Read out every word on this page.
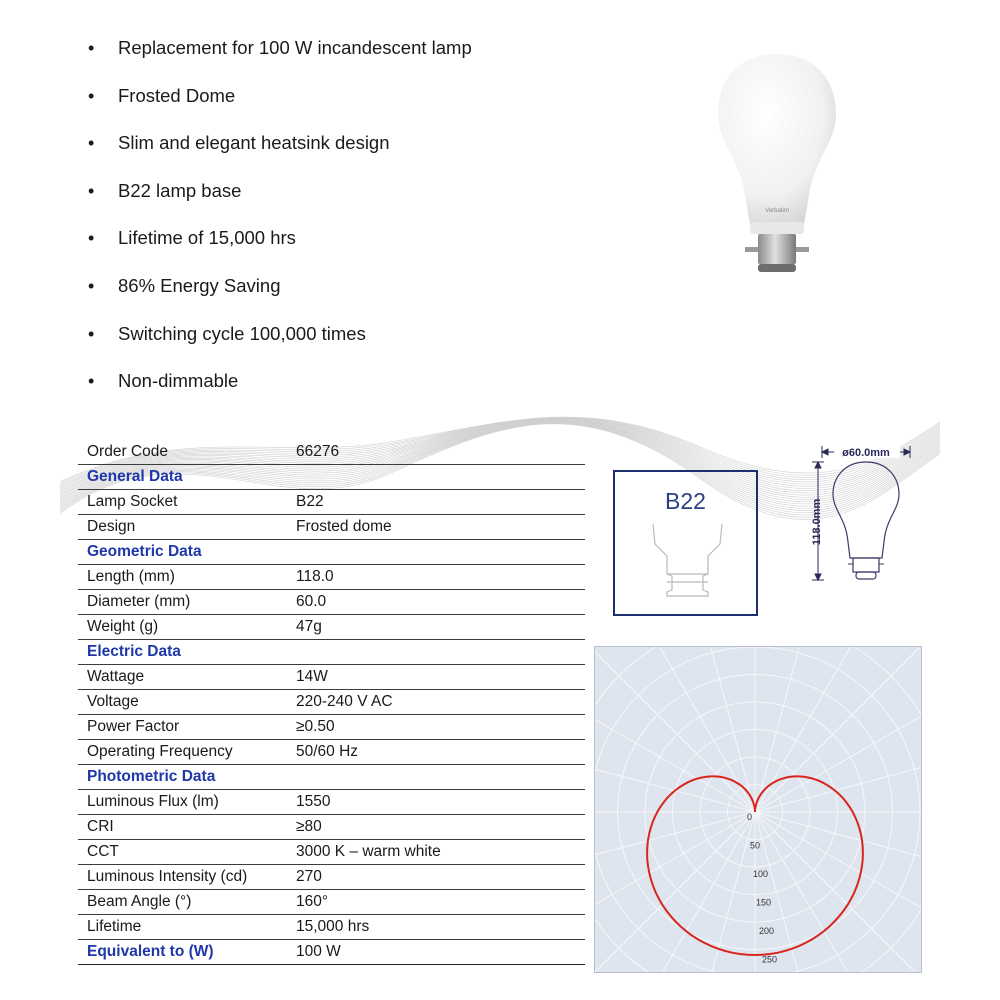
• Replacement for 100 W incandescent lamp
• Frosted Dome
• Slim and elegant heatsink design
• B22 lamp base
• Lifetime of 15,000 hrs
• 86% Energy Saving
• Switching cycle 100,000 times
• Non-dimmable
Verbatim
Order Code	66276
General Data	
Lamp Socket	B22
Design	Frosted dome
Geometric Data	
Length (mm)	118.0
Diameter (mm)	60.0
Weight (g)	47g
Electric Data	
Wattage	14W
Voltage	220-240 V AC
Power Factor	≥0.50
Operating Frequency	50/60 Hz
Photometric Data	
Luminous Flux (lm)	1550
CRI	≥80
CCT	3000 K – warm white
Luminous Intensity (cd)	270
Beam Angle (°)	160°
Lifetime	15,000 hrs
Equivalent to (W)	100 W
B22
ø60.0mm
118.0mm
0
50
100
150
200
250
